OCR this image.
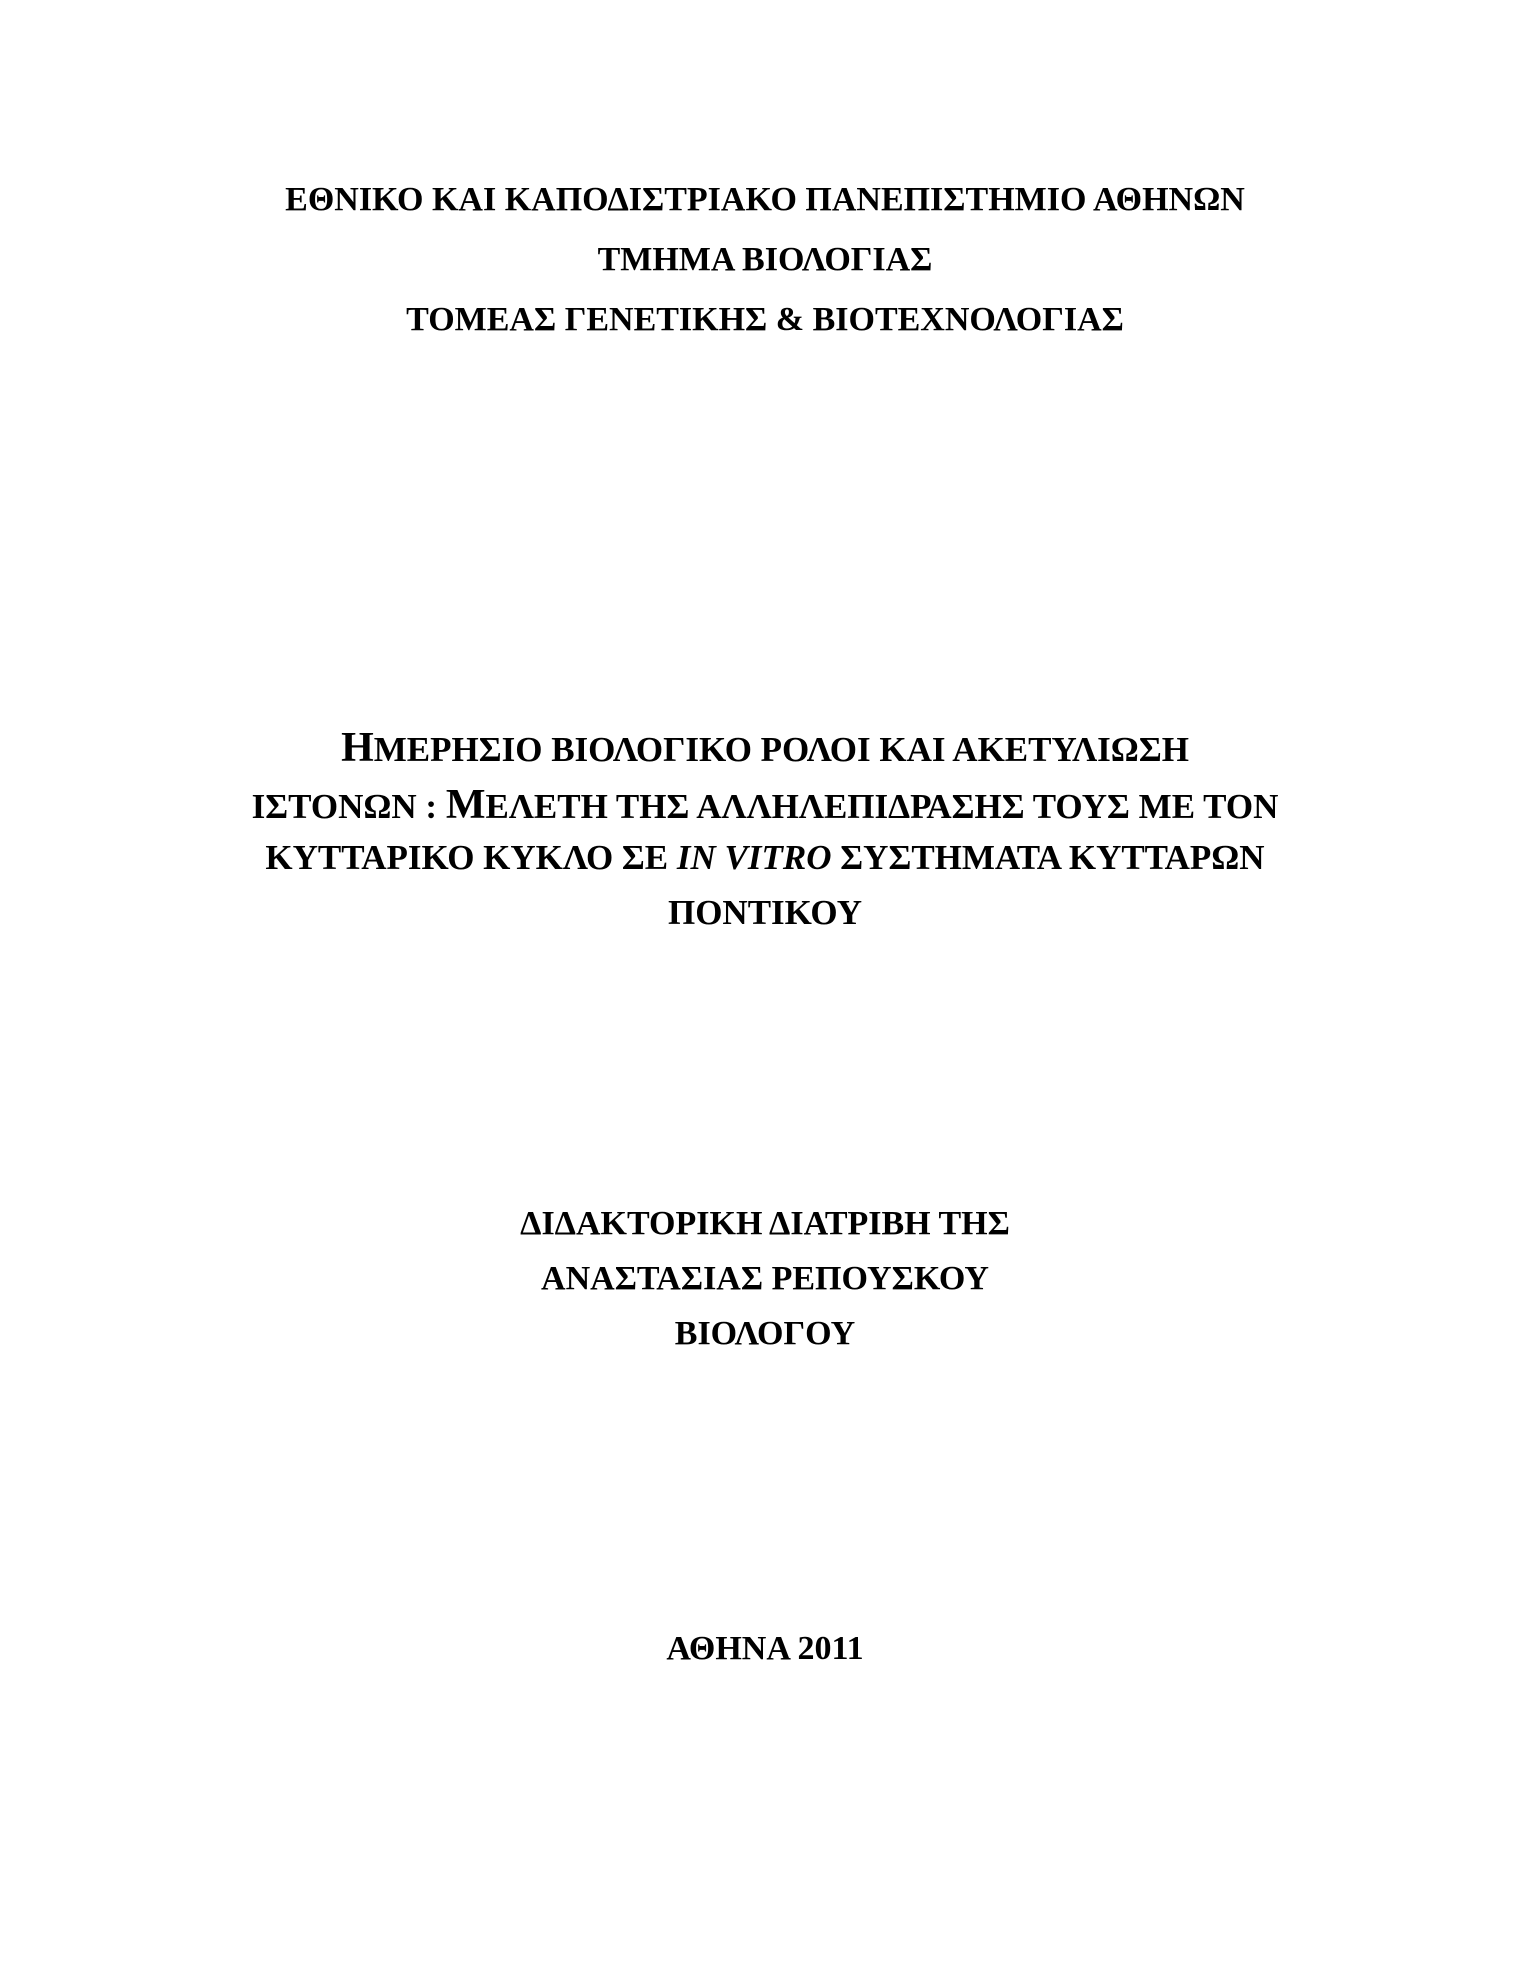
ΕΘΝΙΚΟ ΚΑΙ ΚΑΠΟΔΙΣΤΡΙΑΚΟ ΠΑΝΕΠΙΣΤΗΜΙΟ ΑΘΗΝΩΝ
ΤΜΗΜΑ ΒΙΟΛΟΓΙΑΣ
ΤΟΜΕΑΣ ΓΕΝΕΤΙΚΗΣ & ΒΙΟΤΕΧΝΟΛΟΓΙΑΣ
ΗΜΕΡΗΣΙΟ ΒΙΟΛΟΓΙΚΟ ΡΟΛΟΙ ΚΑΙ ΑΚΕΤΥΛΙΩΣΗ
ΙΣΤΟΝΩΝ : ΜΕΛΕΤΗ ΤΗΣ ΑΛΛΗΛΕΠΙΔΡΑΣΗΣ ΤΟΥΣ ΜΕ ΤΟΝ
ΚΥΤΤΑΡΙΚΟ ΚΥΚΛΟ ΣΕ IN VITRO ΣΥΣΤΗΜΑΤΑ ΚΥΤΤΑΡΩΝ
ΠΟΝΤΙΚΟΥ
ΔΙΔΑΚΤΟΡΙΚΗ ΔΙΑΤΡΙΒΗ ΤΗΣ
ΑΝΑΣΤΑΣΙΑΣ ΡΕΠΟΥΣΚΟΥ
ΒΙΟΛΟΓΟΥ
ΑΘΗΝΑ 2011
